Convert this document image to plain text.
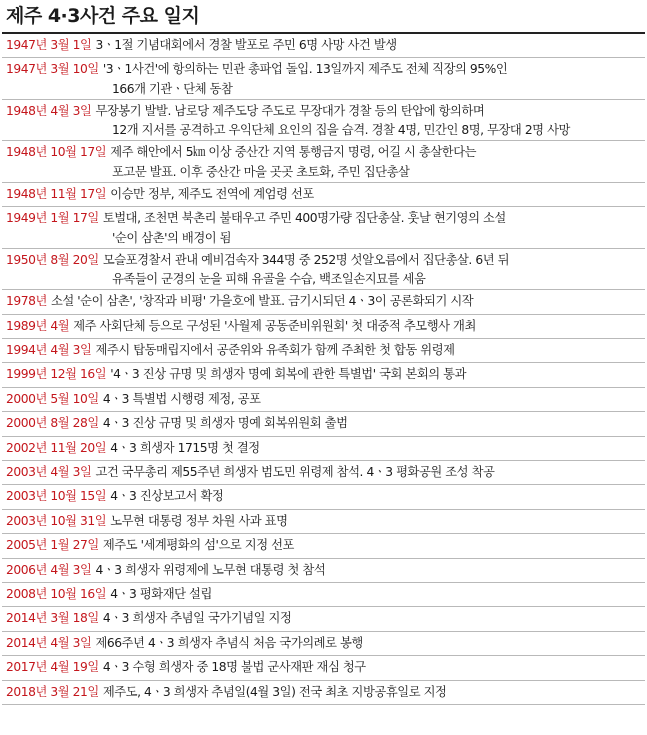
제주 4·3사건 주요 일지
1947년 3월 1일 3ㆍ1절 기념대회에서 경찰 발포로 주민 6명 사망 사건 발생
1947년 3월 10일 '3ㆍ1사건'에 항의하는 민관 총파업 돌입. 13일까지 제주도 전체 직장의 95%인
166개 기관ㆍ단체 동참
1948년 4월 3일 무장봉기 발발. 남로당 제주도당 주도로 무장대가 경찰 등의 탄압에 항의하며
12개 지서를 공격하고 우익단체 요인의 집을 습격. 경찰 4명, 민간인 8명, 무장대 2명 사망
1948년 10월 17일 제주 해안에서 5㎞ 이상 중산간 지역 통행금지 명령, 어길 시 총살한다는
포고문 발표. 이후 중산간 마을 곳곳 초토화, 주민 집단총살
1948년 11월 17일 이승만 정부, 제주도 전역에 계엄령 선포
1949년 1월 17일 토벌대, 조천면 북촌리 불태우고 주민 400명가량 집단총살. 훗날 현기영의 소설
'순이 삼촌'의 배경이 됨
1950년 8월 20일 모슬포경찰서 관내 예비검속자 344명 중 252명 섯알오름에서 집단총살. 6년 뒤
유족들이 군경의 눈을 피해 유골을 수습, 백조일손지묘를 세움
1978년 소설 '순이 삼촌', '창작과 비평' 가을호에 발표. 금기시되던 4ㆍ3이 공론화되기 시작
1989년 4월 제주 사회단체 등으로 구성된 '사월제 공동준비위원회' 첫 대중적 추모행사 개최
1994년 4월 3일 제주시 탑동매립지에서 공준위와 유족회가 함께 주최한 첫 합동 위령제
1999년 12월 16일 '4ㆍ3 진상 규명 및 희생자 명예 회복에 관한 특별법' 국회 본회의 통과
2000년 5월 10일 4ㆍ3 특별법 시행령 제정, 공포
2000년 8월 28일 4ㆍ3 진상 규명 및 희생자 명예 회복위원회 출범
2002년 11월 20일 4ㆍ3 희생자 1715명 첫 결정
2003년 4월 3일 고건 국무총리 제55주년 희생자 범도민 위령제 참석. 4ㆍ3 평화공원 조성 착공
2003년 10월 15일 4ㆍ3 진상보고서 확정
2003년 10월 31일 노무현 대통령 정부 차원 사과 표명
2005년 1월 27일 제주도 '세계평화의 섬'으로 지정 선포
2006년 4월 3일 4ㆍ3 희생자 위령제에 노무현 대통령 첫 참석
2008년 10월 16일 4ㆍ3 평화재단 설립
2014년 3월 18일 4ㆍ3 희생자 추념일 국가기념일 지정
2014년 4월 3일 제66주년 4ㆍ3 희생자 추념식 처음 국가의례로 봉행
2017년 4월 19일 4ㆍ3 수형 희생자 중 18명 불법 군사재판 재심 청구
2018년 3월 21일 제주도, 4ㆍ3 희생자 추념일(4월 3일) 전국 최초 지방공휴일로 지정
